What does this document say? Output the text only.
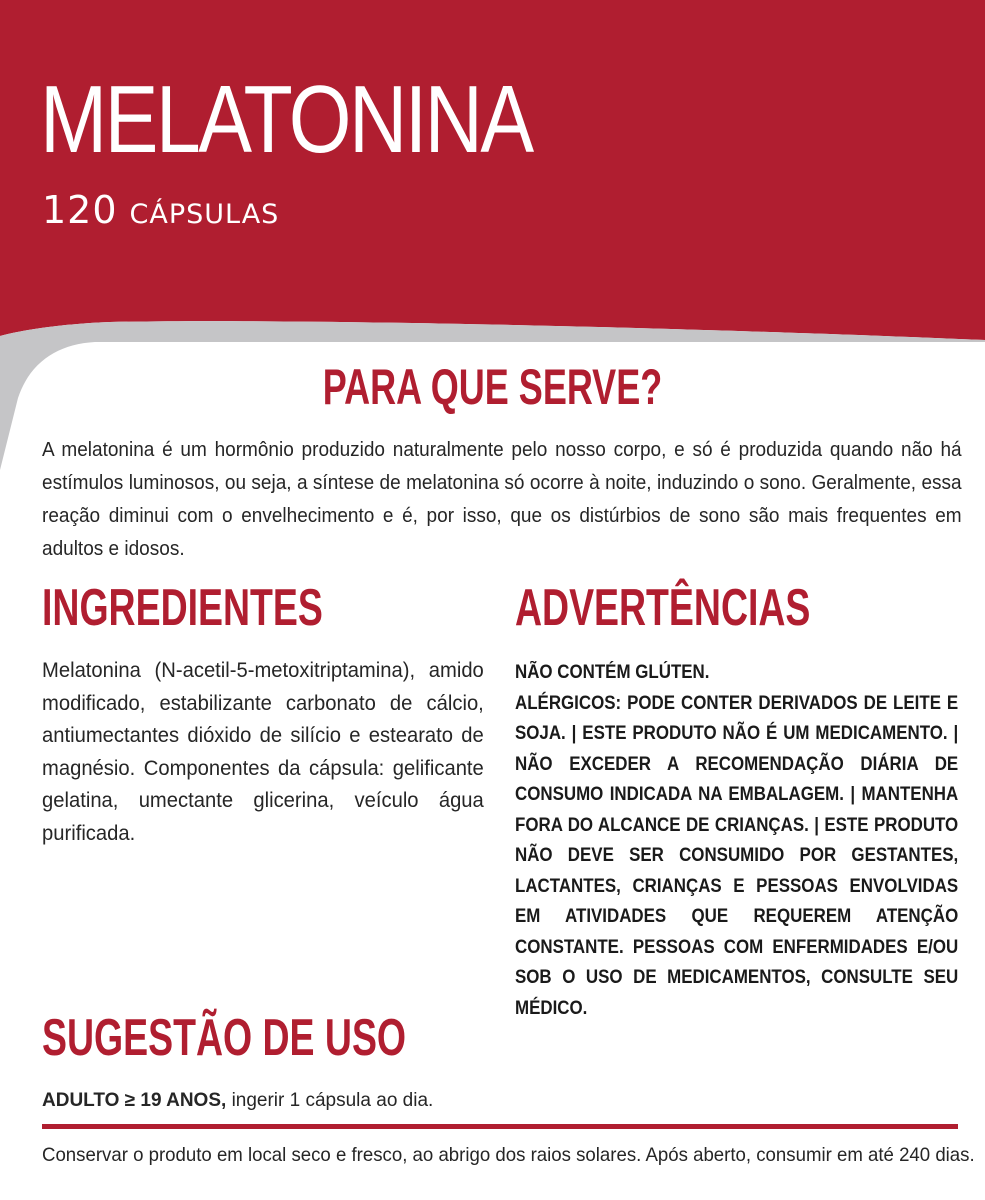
MELATONINA
120 CÁPSULAS
PARA QUE SERVE?

A melatonina é um hormônio produzido naturalmente pelo nosso corpo, e só é produzida quando não há estímulos luminosos, ou seja, a síntese de melatonina só ocorre à noite, induzindo o sono. Geralmente, essa reação diminui com o envelhecimento e é, por isso, que os distúrbios de sono são mais frequentes em adultos e idosos.

INGREDIENTES

Melatonina (N-acetil-5-metoxitriptamina), amido modificado, estabilizante carbonato de cálcio, antiumectantes dióxido de silício e estearato de magnésio. Componentes da cápsula: gelificante gelatina, umectante glicerina, veículo água purificada.

ADVERTÊNCIAS
NÃO CONTÉM GLÚTEN.
ALÉRGICOS: PODE CONTER DERIVADOS DE LEITE E SOJA. | ESTE PRODUTO NÃO É UM MEDICAMENTO. | NÃO EXCEDER A RECOMENDAÇÃO DIÁRIA DE CONSUMO INDICADA NA EMBALAGEM. | MANTENHA FORA DO ALCANCE DE CRIANÇAS. | ESTE PRODUTO NÃO DEVE SER CONSUMIDO POR GESTANTES, LACTANTES, CRIANÇAS E PESSOAS ENVOLVIDAS EM ATIVIDADES QUE REQUEREM ATENÇÃO CONSTANTE. PESSOAS COM ENFERMIDADES E/OU SOB O USO DE MEDICAMENTOS, CONSULTE SEU MÉDICO.
SUGESTÃO DE USO

ADULTO ≥ 19 ANOS, ingerir 1 cápsula ao dia.

Conservar o produto em local seco e fresco, ao abrigo dos raios solares. Após aberto, consumir em até 240 dias.
